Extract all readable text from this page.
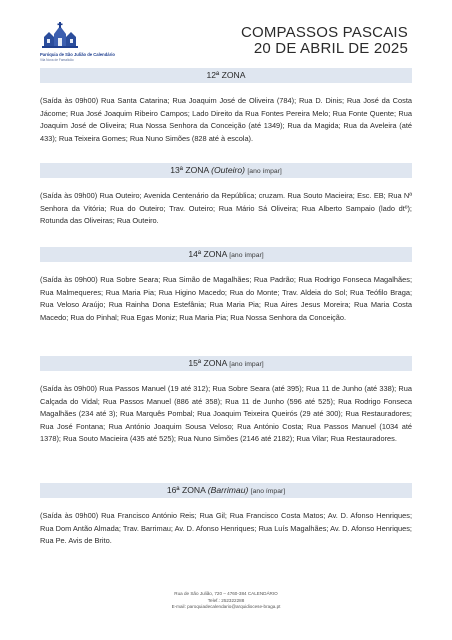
Paróquia de São Julião de Calendário
Vila Nova de Famalicão
COMPASSOS PASCAIS
20 DE ABRIL DE 2025
12ª ZONA

(Saída às 09h00) Rua Santa Catarina; Rua Joaquim José de Oliveira (784); Rua D. Dinis; Rua José da Costa Jácome; Rua José Joaquim Ribeiro Campos; Lado Direito da Rua Fontes Pereira Melo; Rua Fonte Quente; Rua Joaquim José de Oliveira; Rua Nossa Senhora da Conceição (até 1349); Rua da Magida; Rua da Aveleira (até 433); Rua Teixeira Gomes; Rua Nuno Simões (828 até à escola).

13ª ZONA (Outeiro) [ano ímpar]

(Saída às 09h00) Rua Outeiro; Avenida Centenário da República; cruzam. Rua Souto Macieira; Esc. EB; Rua Nª Senhora da Vitória; Rua do Outeiro; Trav. Outeiro; Rua Mário Sá Oliveira; Rua Alberto Sampaio (lado dtº); Rotunda das Oliveiras; Rua Outeiro.

14ª ZONA [ano ímpar]

(Saída às 09h00) Rua Sobre Seara; Rua Simão de Magalhães; Rua Padrão; Rua Rodrigo Fonseca Magalhães; Rua Malmequeres; Rua Maria Pia; Rua Higino Macedo; Rua do Monte; Trav. Aldeia do Sol; Rua Teófilo Braga; Rua Veloso Araújo; Rua Rainha Dona Estefânia; Rua Maria Pia; Rua Aires Jesus Moreira; Rua Maria Costa Macedo; Rua do Pinhal; Rua Egas Moniz; Rua Maria Pia; Rua Nossa Senhora da Conceição.

15ª ZONA [ano ímpar]

(Saída às 09h00) Rua Passos Manuel (19 até 312); Rua Sobre Seara (até 395); Rua 11 de Junho (até 338); Rua Calçada do Vidal; Rua Passos Manuel (886 até 358); Rua 11 de Junho (596 até 525); Rua Rodrigo Fonseca Magalhães (234 até 3); Rua Marquês Pombal; Rua Joaquim Teixeira Queirós (29 até 300); Rua Restauradores; Rua José Fontana; Rua António Joaquim Sousa Veloso; Rua António Costa; Rua Passos Manuel (1034 até 1378); Rua Souto Macieira (435 até 525); Rua Nuno Simões (2146 até 2182); Rua Vilar; Rua Restauradores.

16ª ZONA (Barrimau) [ano ímpar]

(Saída às 09h00) Rua Francisco António Reis; Rua Gil; Rua Francisco Costa Matos; Av. D. Afonso Henriques; Rua Dom Antão Almada; Trav. Barrimau; Av. D. Afonso Henriques; Rua Luís Magalhães; Av. D. Afonso Henriques; Rua Pe. Avis de Brito.

Rua de São Julião, 720 – 4760-384 CALENDÁRIO
Telef.: 252322288
E-mail: paroquiadecalendario@arquidiocese-braga.pt
